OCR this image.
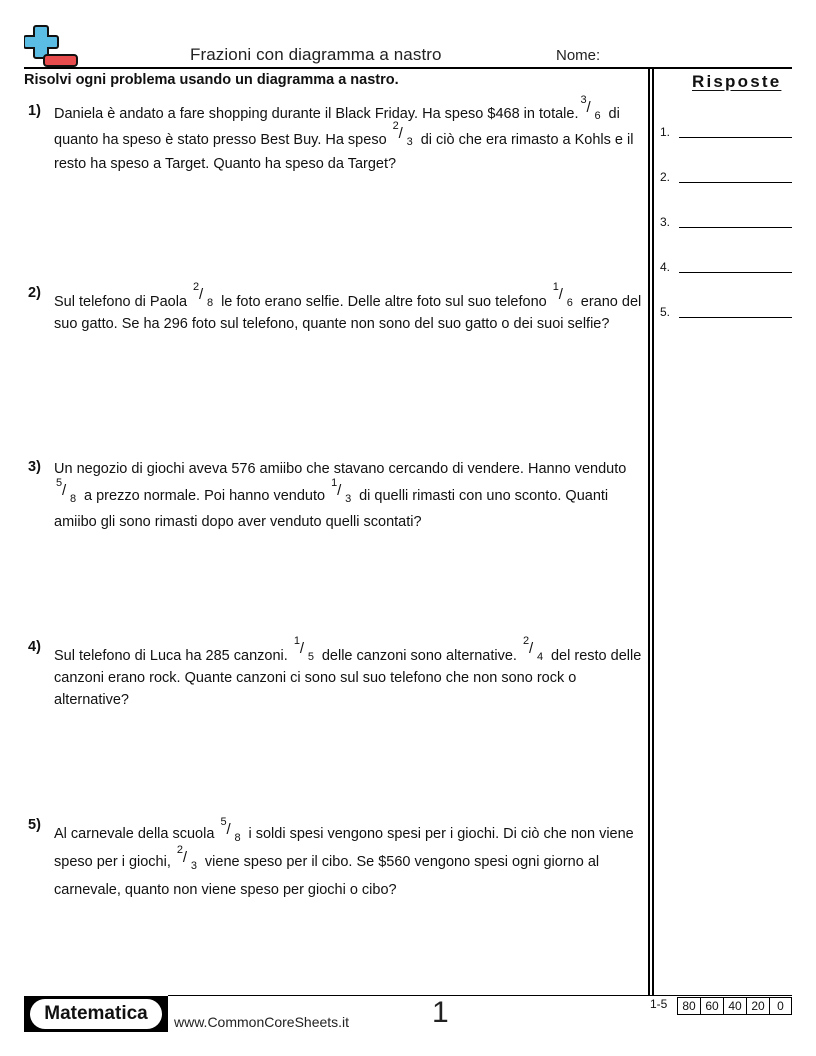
Frazioni con diagramma a nastro	Nome:
Risolvi ogni problema usando un diagramma a nastro.	Risposte
1.
2.
3.
4.
5.
1) Daniela è andato a fare shopping durante il Black Friday. Ha speso $468 in totale.
3 / 6 di quanto ha speso è stato presso Best Buy. Ha speso
2 / 3 di ciò che era rimasto a Kohls e il resto ha speso a Target. Quanto ha speso da Target?
2)
Sul telefono di Paola
2 / 8 le foto erano selfie. Delle altre foto sul suo telefono
1 / 6 erano del suo gatto. Se ha 296 foto sul telefono, quante non sono del suo gatto o dei suoi selfie?
3) Un negozio di giochi aveva 576 amiibo che stavano cercando di vendere. Hanno venduto
5 / 8 a prezzo normale. Poi hanno venduto
1 / 3 di quelli rimasti con uno sconto. Quanti amiibo gli sono rimasti dopo aver venduto quelli scontati?
4)
Sul telefono di Luca ha 285 canzoni.
1 / 5 delle canzoni sono alternative.
2 / 4 del resto delle canzoni erano rock. Quante canzoni ci sono sul suo telefono che non sono rock o alternative?
5)
Al carnevale della scuola
5 / 8 i soldi spesi vengono spesi per i giochi. Di ciò che non viene speso per i giochi,
2 / 3 viene speso per il cibo. Se $560 vengono spesi ogni giorno al carnevale, quanto non viene speso per giochi o cibo?
Matematica	www.CommonCoreSheets.it	1	1-5	80 60 40 20	0
